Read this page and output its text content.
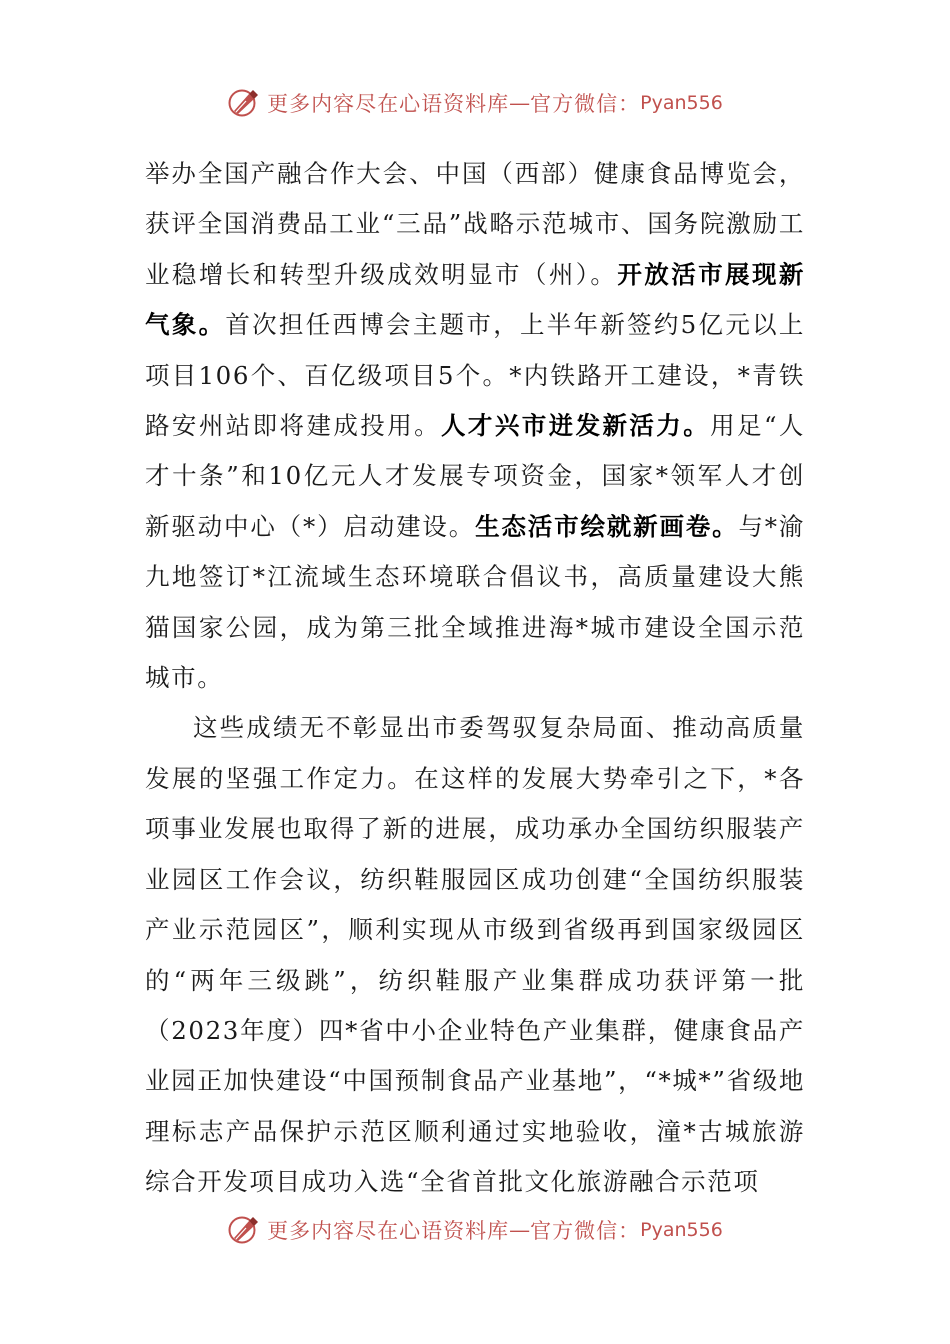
更多内容尽在心语资料库 — 官方微信： Pyan556

举办全国产融合作大会、中国（西部）健康食品博览会，获评全国消费品工业“三品”战略示范城市、国务院激励工业稳增长和转型升级成效明显市（州）。开放活市展现新气象。首次担任西博会主题市，上半年新签约5亿元以上项目106个、百亿级项目5个。*内铁路开工建设，*青铁路安州站即将建成投用。人才兴市迸发新活力。用足“人才十条”和10亿元人才发展专项资金，国家*领军人才创新驱动中心（*）启动建设。生态活市绘就新画卷。与*渝九地签订*江流域生态环境联合倡议书，高质量建设大熊猫国家公园，成为第三批全域推进海*城市建设全国示范城市。

这些成绩无不彰显出市委驾驭复杂局面、推动高质量发展的坚强工作定力。在这样的发展大势牵引之下，*各项事业发展也取得了新的进展，成功承办全国纺织服装产业园区工作会议，纺织鞋服园区成功创建“全国纺织服装产业示范园区”，顺利实现从市级到省级再到国家级园区的“两年三级跳”，纺织鞋服产业集群成功获评第一批（2023年度）四*省中小企业特色产业集群，健康食品产业园正加快建设“中国预制食品产业基地”，“*城*”省级地理标志产品保护示范区顺利通过实地验收，潼*古城旅游综合开发项目成功入选“全省首批文化旅游融合示范项

更多内容尽在心语资料库 — 官方微信： Pyan556
